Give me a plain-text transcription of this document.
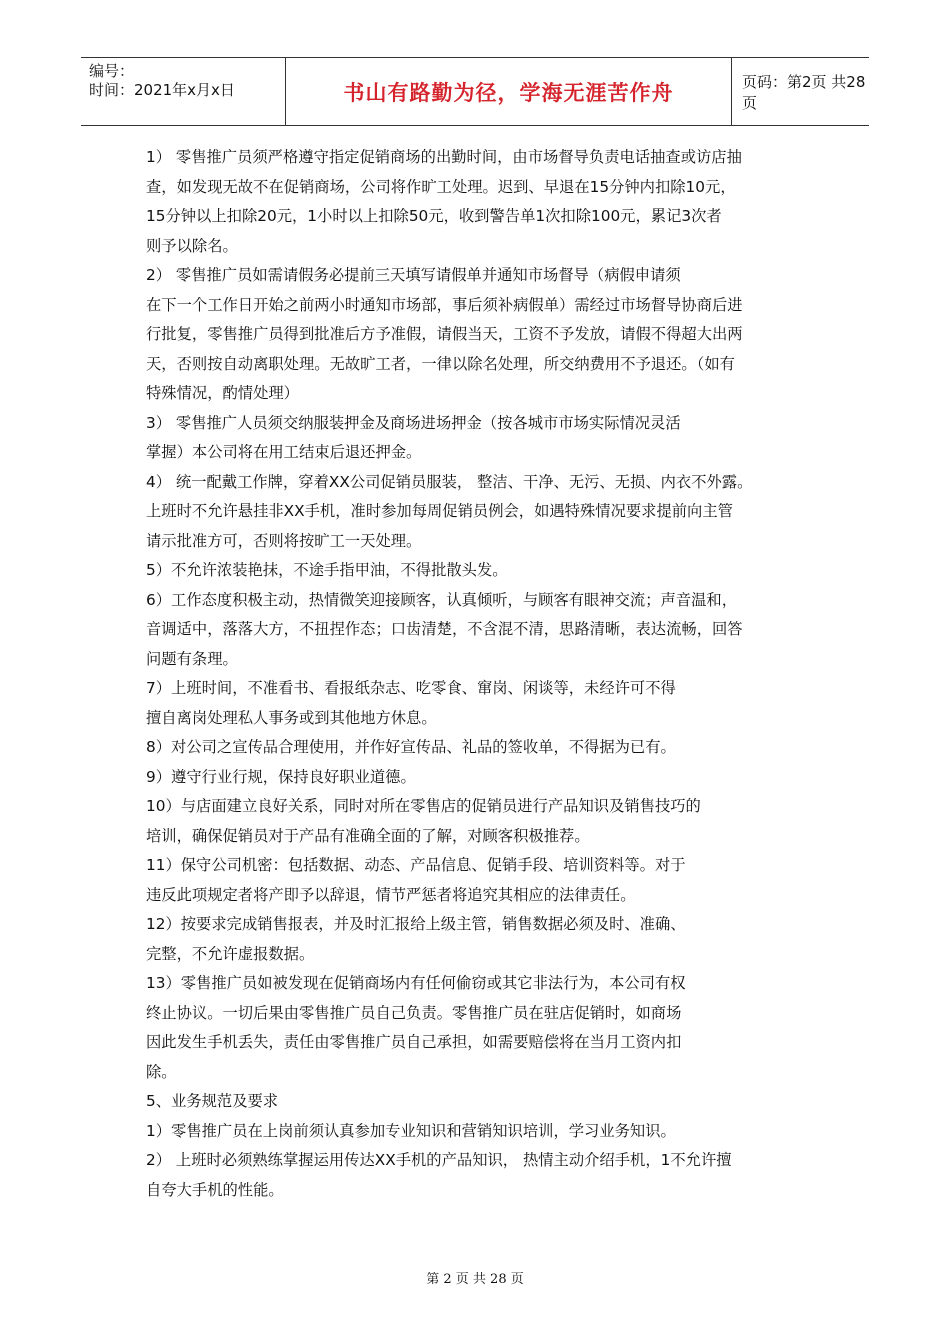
编号：
时间：2021年x月x日	书山有路勤为径，学海无涯苦作舟	页码：第2页 共28页
1） 零售推广员须严格遵守指定促销商场的出勤时间，由市场督导负责电话抽查或访店抽
查，如发现无故不在促销商场，公司将作旷工处理。迟到、早退在15分钟内扣除10元，
15分钟以上扣除20元，1小时以上扣除50元，收到警告单1次扣除100元，累记3次者
则予以除名。
2） 零售推广员如需请假务必提前三天填写请假单并通知市场督导（病假申请须
在下一个工作日开始之前两小时通知市场部，事后须补病假单）需经过市场督导协商后进
行批复，零售推广员得到批准后方予准假，请假当天，工资不予发放，请假不得超大出两
天，否则按自动离职处理。无故旷工者，一律以除名处理，所交纳费用不予退还。（如有
特殊情况，酌情处理）
3） 零售推广人员须交纳服装押金及商场进场押金（按各城市市场实际情况灵活
掌握）本公司将在用工结束后退还押金。
4） 统一配戴工作牌，穿着XX公司促销员服装， 整洁、干净、无污、无损、内衣不外露。
上班时不允许悬挂非XX手机，准时参加每周促销员例会，如遇特殊情况要求提前向主管
请示批准方可，否则将按旷工一天处理。
5）不允许浓装艳抹，不途手指甲油，不得批散头发。
6）工作态度积极主动，热情微笑迎接顾客，认真倾听，与顾客有眼神交流；声音温和，
音调适中，落落大方，不扭捏作态；口齿清楚，不含混不清，思路清晰，表达流畅，回答
问题有条理。
7）上班时间，不准看书、看报纸杂志、吃零食、窜岗、闲谈等，未经许可不得
擅自离岗处理私人事务或到其他地方休息。
8）对公司之宣传品合理使用，并作好宣传品、礼品的签收单，不得据为已有。
9）遵守行业行规，保持良好职业道德。
10）与店面建立良好关系，同时对所在零售店的促销员进行产品知识及销售技巧的
培训，确保促销员对于产品有准确全面的了解，对顾客积极推荐。
11）保守公司机密：包括数据、动态、产品信息、促销手段、培训资料等。对于
违反此项规定者将产即予以辞退，情节严惩者将追究其相应的法律责任。
12）按要求完成销售报表，并及时汇报给上级主管，销售数据必须及时、准确、
完整，不允许虚报数据。
13）零售推广员如被发现在促销商场内有任何偷窃或其它非法行为，本公司有权
终止协议。一切后果由零售推广员自己负责。零售推广员在驻店促销时，如商场
因此发生手机丢失，责任由零售推广员自己承担，如需要赔偿将在当月工资内扣
除。
5、业务规范及要求
1）零售推广员在上岗前须认真参加专业知识和营销知识培训，学习业务知识。
2） 上班时必须熟练掌握运用传达XX手机的产品知识， 热情主动介绍手机，1不允许擅
自夸大手机的性能。
第 2 页 共 28 页
